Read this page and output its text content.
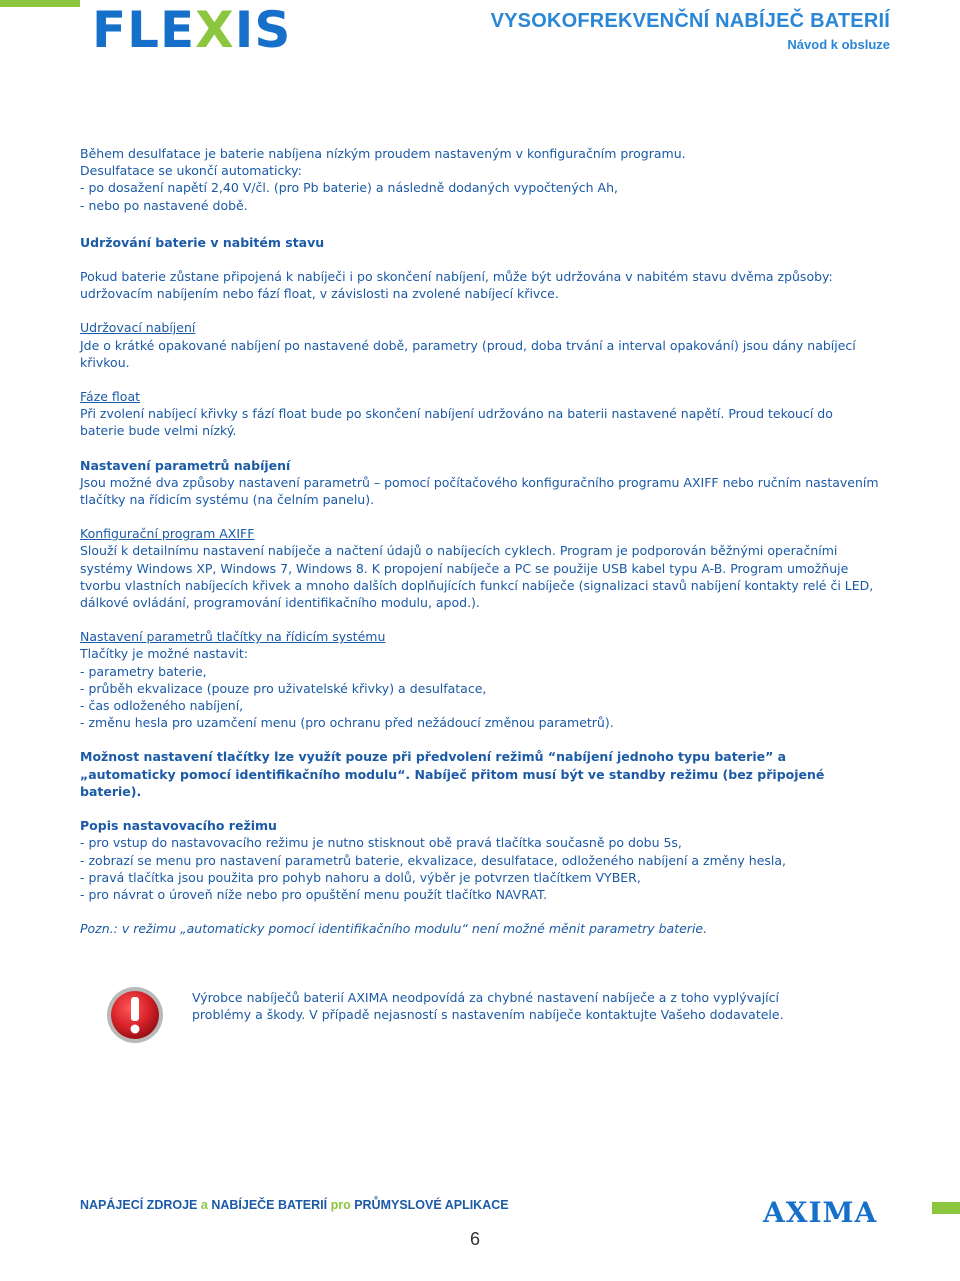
FLEXIS	VYSOKOFREKVENČNÍ NABÍJEČ BATERIÍ
Návod k obsluze

Během desulfatace je baterie nabíjena nízkým proudem nastaveným v konfiguračním programu.

Desulfatace se ukončí automaticky:

- po dosažení napětí 2,40 V/čl. (pro Pb baterie) a následně dodaných vypočtených Ah,

- nebo po nastavené době.

Udržování baterie v nabitém stavu

Pokud baterie zůstane připojená k nabíječi i po skončení nabíjení, může být udržována v nabitém stavu dvěma způsoby: udržovacím nabíjením nebo fází float, v závislosti na zvolené nabíjecí křivce.

Udržovací nabíjení

Jde o krátké opakované nabíjení po nastavené době, parametry (proud, doba trvání a interval opakování) jsou dány nabíjecí křivkou.

Fáze float

Při zvolení nabíjecí křivky s fází float bude po skončení nabíjení udržováno na baterii nastavené napětí. Proud tekoucí do baterie bude velmi nízký.

Nastavení parametrů nabíjení

Jsou možné dva způsoby nastavení parametrů – pomocí počítačového konfiguračního programu AXIFF nebo ručním nastavením tlačítky na řídicím systému (na čelním panelu).

Konfigurační program AXIFF

Slouží k detailnímu nastavení nabíječe a načtení údajů o nabíjecích cyklech. Program je podporován běžnými operačními systémy Windows XP, Windows 7, Windows 8. K propojení nabíječe a PC se použije USB kabel typu A-B. Program umožňuje tvorbu vlastních nabíjecích křivek a mnoho dalších doplňujících funkcí nabíječe (signalizaci stavů nabíjení kontakty relé či LED, dálkové ovládání, programování identifikačního modulu, apod.).

Nastavení parametrů tlačítky na řídicím systému

Tlačítky je možné nastavit:

- parametry baterie,

- průběh ekvalizace (pouze pro uživatelské křivky) a desulfatace,

- čas odloženého nabíjení,

- změnu hesla pro uzamčení menu (pro ochranu před nežádoucí změnou parametrů).

Možnost nastavení tlačítky lze využít pouze při předvolení režimů “nabíjení jednoho typu baterie” a „automaticky pomocí identifikačního modulu“. Nabíječ přitom musí být ve standby režimu (bez připojené baterie).

Popis nastavovacího režimu

- pro vstup do nastavovacího režimu je nutno stisknout obě pravá tlačítka současně po dobu 5s,

- zobrazí se menu pro nastavení parametrů baterie, ekvalizace, desulfatace, odloženého nabíjení a změny hesla,

- pravá tlačítka jsou použita pro pohyb nahoru a dolů, výběr je potvrzen tlačítkem VYBER,

- pro návrat o úroveň níže nebo pro opuštění menu použít tlačítko NAVRAT.

Pozn.: v režimu „automaticky pomocí identifikačního modulu“ není možné měnit parametry baterie.

Výrobce nabíječů baterií AXIMA neodpovídá za chybné nastavení nabíječe a z toho vyplývající
problémy a škody. V případě nejasností s nastavením nabíječe kontaktujte Vašeho dodavatele.
NAPÁJECÍ ZDROJE a NABÍJEČE BATERIÍ pro PRŮMYSLOVÉ APLIKACE	AXIMA
6
